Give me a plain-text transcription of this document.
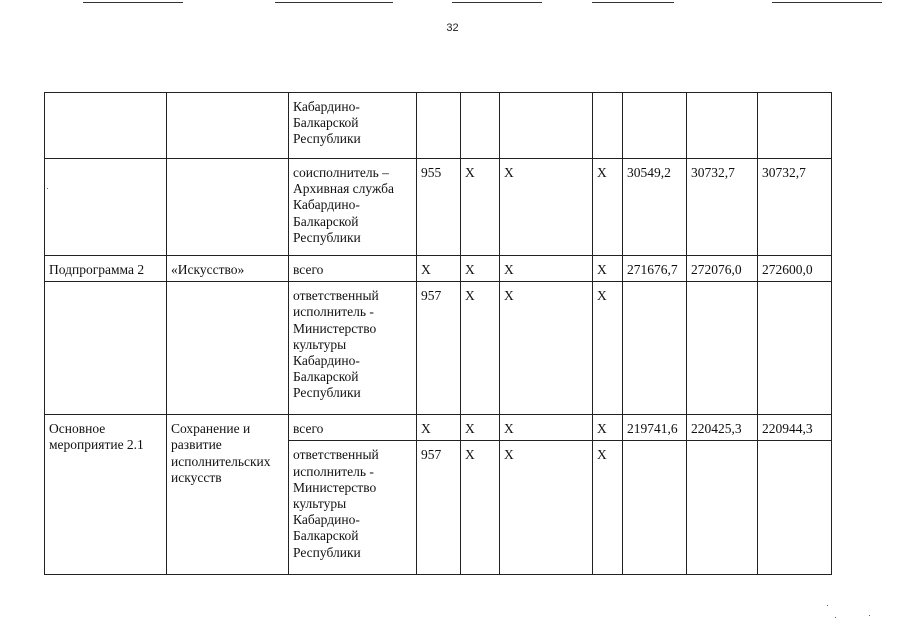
32
		Кабардино-Балкарской Республики							
		соисполнитель – Архивная служба Кабардино-Балкарской Республики	955	X	X	X	30549,2	30732,7	30732,7
Подпрограмма 2	«Искусство»	всего	X	X	X	X	271676,7	272076,0	272600,0
		ответственный исполнитель - Министерство культуры Кабардино-Балкарской Республики	957	X	X	X			
Основное мероприятие 2.1	Сохранение и развитие исполнительских искусств	всего	X	X	X	X	219741,6	220425,3	220944,3
		ответственный исполнитель - Министерство культуры Кабардино-Балкарской Республики	957	X	X	X			
·
·
·	·
